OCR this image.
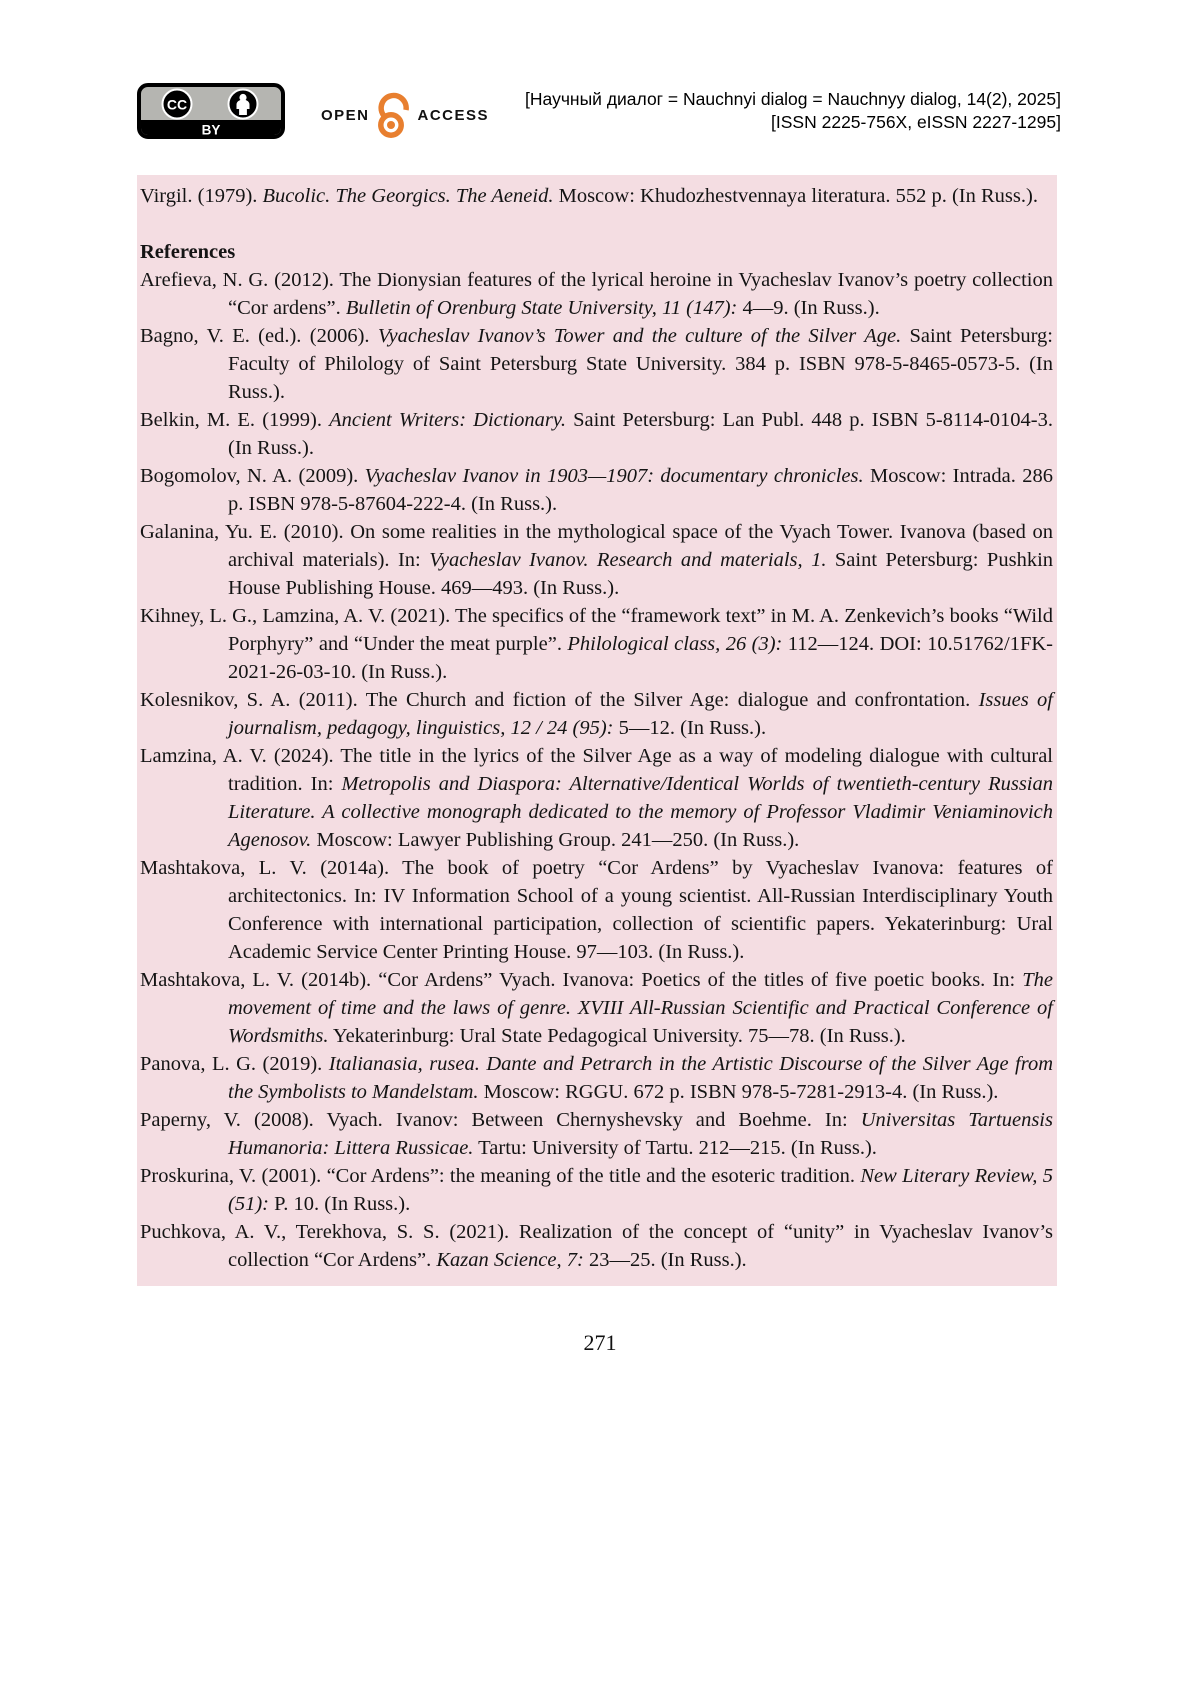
CC
BY
OPEN	ACCESS
[Научный диалог = Nauchnyi dialog = Nauchnyy dialog, 14(2), 2025]
[ISSN 2225-756X, eISSN 2227-1295]

Virgil. (1979). Bucolic. The Georgics. The Aeneid. Moscow: Khudozhestvennaya literatura. 552 p. (In Russ.).

References

Arefieva, N. G. (2012). The Dionysian features of the lyrical heroine in Vyacheslav Ivanov’s poetry collection “Cor ardens”. Bulletin of Orenburg State University, 11 (147): 4—9. (In Russ.).

Bagno, V. E. (ed.). (2006). Vyacheslav Ivanov’s Tower and the culture of the Silver Age. Saint Petersburg: Faculty of Philology of Saint Petersburg State University. 384 p. ISBN 978-5-8465-0573-5. (In Russ.).

Belkin, M. E. (1999). Ancient Writers: Dictionary. Saint Petersburg: Lan Publ. 448 p. ISBN 5-8114-0104-3. (In Russ.).

Bogomolov, N. A. (2009). Vyacheslav Ivanov in 1903—1907: documentary chronicles. Moscow: Intrada. 286 p. ISBN 978-5-87604-222-4. (In Russ.).

Galanina, Yu. E. (2010). On some realities in the mythological space of the Vyach Tower. Ivanova (based on archival materials). In: Vyacheslav Ivanov. Research and materials, 1. Saint Petersburg: Pushkin House Publishing House. 469—493. (In Russ.).

Kihney, L. G., Lamzina, A. V. (2021). The specifics of the “framework text” in M. A. Zenkevich’s books “Wild Porphyry” and “Under the meat purple”. Philological class, 26 (3): 112—124. DOI: 10.51762/1FK-2021-26-03-10. (In Russ.).

Kolesnikov, S. A. (2011). The Church and fiction of the Silver Age: dialogue and confrontation. Issues of journalism, pedagogy, linguistics, 12 / 24 (95): 5—12. (In Russ.).

Lamzina, A. V. (2024). The title in the lyrics of the Silver Age as a way of modeling dialogue with cultural tradition. In: Metropolis and Diaspora: Alternative/Identical Worlds of twentieth-century Russian Literature. A collective monograph dedicated to the memory of Professor Vladimir Veniaminovich Agenosov. Moscow: Lawyer Publishing Group. 241—250. (In Russ.).

Mashtakova, L. V. (2014a). The book of poetry “Cor Ardens” by Vyacheslav Ivanova: features of architectonics. In: IV Information School of a young scientist. All-Russian Interdisciplinary Youth Conference with international participation, collection of scientific papers. Yekaterinburg: Ural Academic Service Center Printing House. 97—103. (In Russ.).

Mashtakova, L. V. (2014b). “Cor Ardens” Vyach. Ivanova: Poetics of the titles of five poetic books. In: The movement of time and the laws of genre. XVIII All-Russian Scientific and Practical Conference of Wordsmiths. Yekaterinburg: Ural State Pedagogical University. 75—78. (In Russ.).

Panova, L. G. (2019). Italianasia, rusea. Dante and Petrarch in the Artistic Discourse of the Silver Age from the Symbolists to Mandelstam. Moscow: RGGU. 672 p. ISBN 978-5-7281-2913-4. (In Russ.).

Paperny, V. (2008). Vyach. Ivanov: Between Chernyshevsky and Boehme. In: Universitas Tartuensis Humanoria: Littera Russicae. Tartu: University of Tartu. 212—215. (In Russ.).

Proskurina, V. (2001). “Cor Ardens”: the meaning of the title and the esoteric tradition. New Literary Review, 5 (51): P. 10. (In Russ.).

Puchkova, A. V., Terekhova, S. S. (2021). Realization of the concept of “unity” in Vyacheslav Ivanov’s collection “Cor Ardens”. Kazan Science, 7: 23—25. (In Russ.).

271
